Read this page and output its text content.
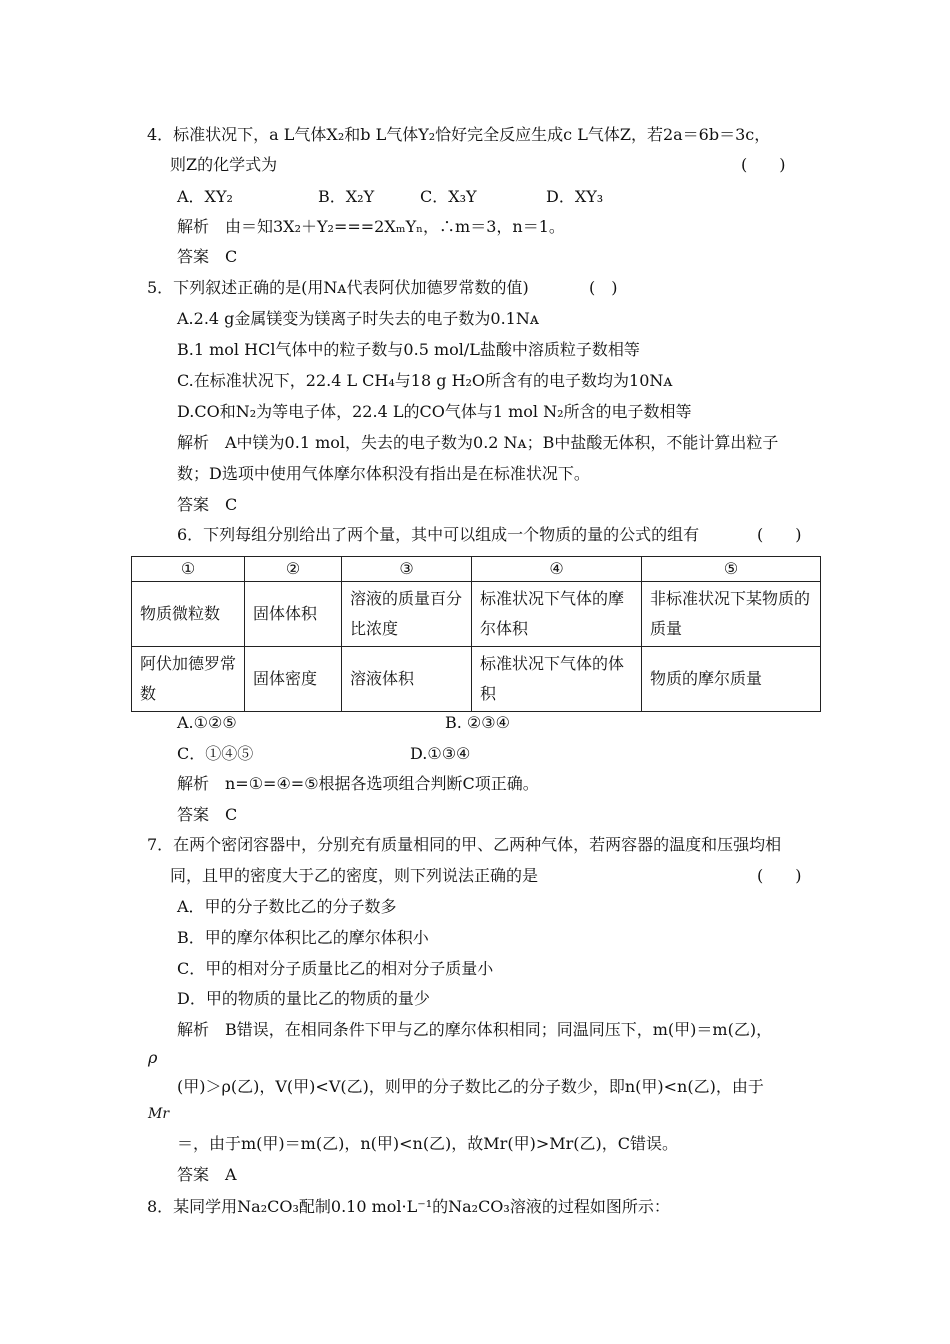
4．标准状况下，a L气体X₂和b L气体Y₂恰好完全反应生成c L气体Z，若2a＝6b＝3c，
则Z的化学式为	(　　)
A．XY₂	B．X₂Y	C．X₃Y	D．XY₃
解析　由＝知3X₂＋Y₂===2XₘYₙ，∴m＝3，n＝1。
答案　C
5．下列叙述正确的是(用Nᴀ代表阿伏加德罗常数的值)	(　)
A.2.4 g金属镁变为镁离子时失去的电子数为0.1Nᴀ
B.1 mol HCl气体中的粒子数与0.5 mol/L盐酸中溶质粒子数相等
C.在标准状况下，22.4 L CH₄与18 g H₂O所含有的电子数均为10Nᴀ
D.CO和N₂为等电子体，22.4 L的CO气体与1 mol N₂所含的电子数相等
解析　A中镁为0.1 mol，失去的电子数为0.2 Nᴀ；B中盐酸无体积，不能计算出粒子
数；D选项中使用气体摩尔体积没有指出是在标准状况下。
答案　C
6．下列每组分别给出了两个量，其中可以组成一个物质的量的公式的组有	(　　)
①	②	③	④	⑤
物质微粒数	固体体积	溶液的质量百分比浓度	标准状况下气体的摩尔体积	非标准状况下某物质的质量
阿伏加德罗常数	固体密度	溶液体积	标准状况下气体的体积	物质的摩尔质量
A.①②⑤	B. ②③④
C．①④⑤	D.①③④
解析　n=①=④=⑤根据各选项组合判断C项正确。
答案　C
7．在两个密闭容器中，分别充有质量相同的甲、乙两种气体，若两容器的温度和压强均相
同，且甲的密度大于乙的密度，则下列说法正确的是	(　　)
A．甲的分子数比乙的分子数多
B．甲的摩尔体积比乙的摩尔体积小
C．甲的相对分子质量比乙的相对分子质量小
D．甲的物质的量比乙的物质的量少
解析　B错误，在相同条件下甲与乙的摩尔体积相同；同温同压下，m(甲)＝m(乙)，
ρ
(甲)＞ρ(乙)，V(甲)<V(乙)，则甲的分子数比乙的分子数少，即n(甲)<n(乙)，由于
Mr
＝，由于m(甲)＝m(乙)，n(甲)<n(乙)，故Mr(甲)>Mr(乙)，C错误。
答案　A
8．某同学用Na₂CO₃配制0.10 mol·L⁻¹的Na₂CO₃溶液的过程如图所示：
